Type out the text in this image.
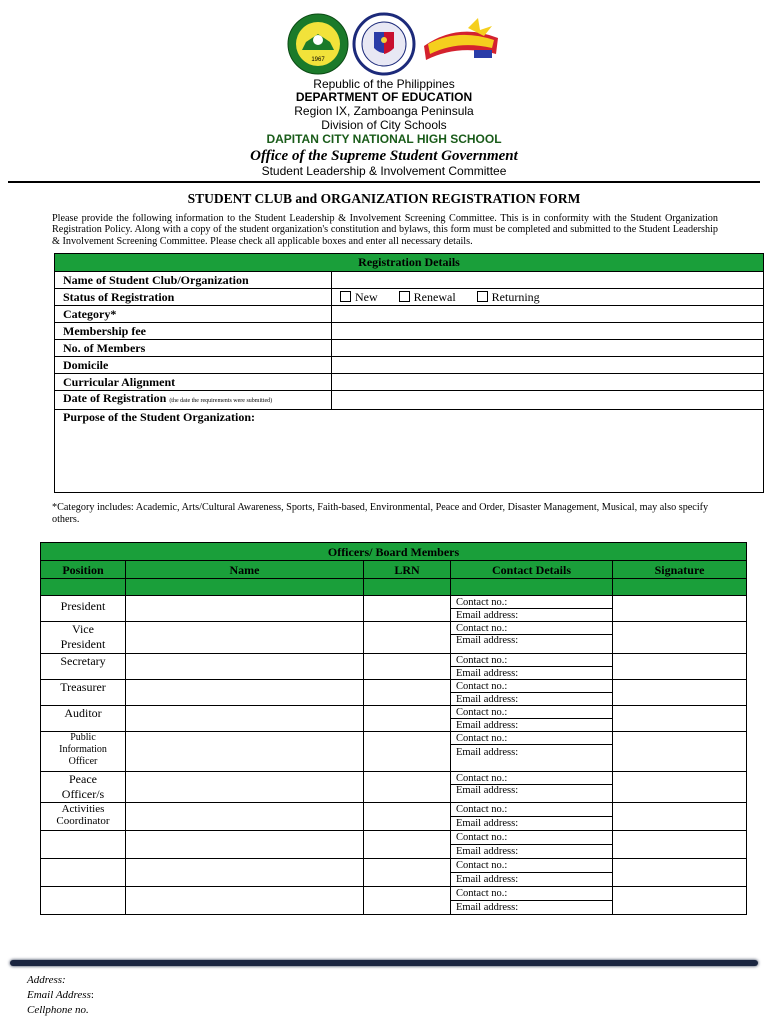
1967
Republic of the Philippines
DEPARTMENT OF EDUCATION
Region IX, Zamboanga Peninsula
Division of City Schools
DAPITAN CITY NATIONAL HIGH SCHOOL
Office of the Supreme Student Government
Student Leadership & Involvement Committee
STUDENT CLUB and ORGANIZATION REGISTRATION FORM
Please provide the following information to the Student Leadership & Involvement Screening Committee. This is in conformity with the Student Organization Registration Policy. Along with a copy of the student organization's constitution and bylaws, this form must be completed and submitted to the Student Leadership & Involvement Screening Committee. Please check all applicable boxes and enter all necessary details.
Registration Details	
Name of Student Club/Organization	
Status of Registration	New Renewal Returning
Category*	
Membership fee	
No. of Members	
Domicile	
Curricular Alignment	
Date of Registration (the date the requirements were submitted)	
Purpose of the Student Organization:	
*Category includes: Academic, Arts/Cultural Awareness, Sports, Faith-based, Environmental, Peace and Order, Disaster Management, Musical, may also specify others.
Officers/ Board Members				
Position	Name	LRN	Contact Details	Signature

President			Contact no.:	
			Email address:	
Vice
President			Contact no.:	
			Email address:	
Secretary			Contact no.:	
			Email address:	
Treasurer			Contact no.:	
			Email address:	
Auditor			Contact no.:	
			Email address:	
Public
Information
Officer			Contact no.:	
			Email address:	
Peace
Officer/s			Contact no.:	
			Email address:	
Activities
Coordinator			Contact no.:	
			Email address:	
			Contact no.:	
			Email address:	
			Contact no.:	
			Email address:	
			Contact no.:	
			Email address:	
Address:
Email Address:
Cellphone no.
